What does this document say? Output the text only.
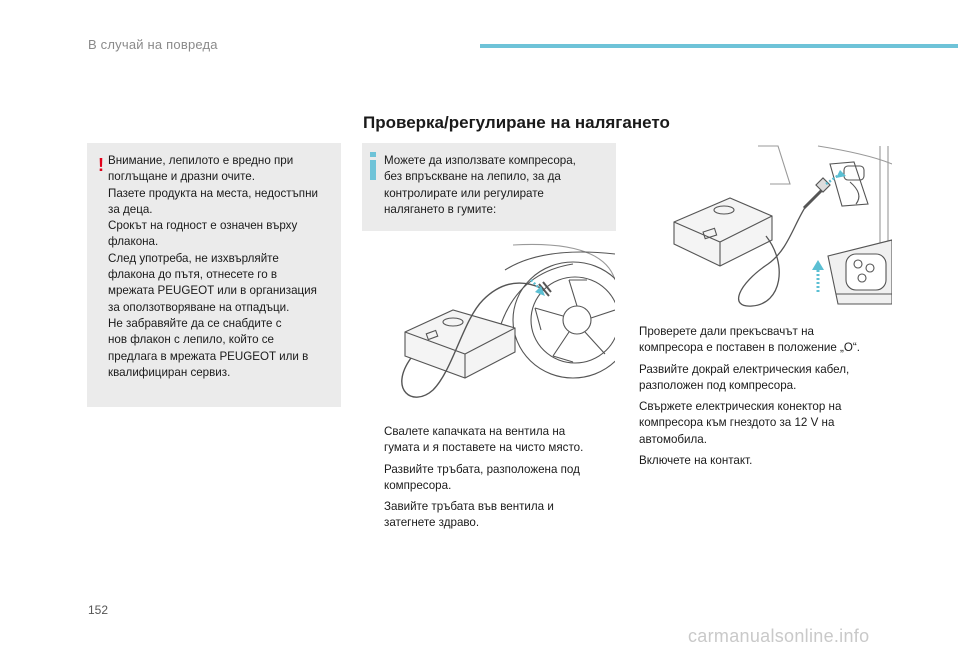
В случай на повреда
Проверка/регулиране на налягането
! Внимание, лепилото е вредно при
поглъщане и дразни очите.
Пазете продукта на места, недостъпни
за деца.
Срокът на годност е означен върху
флакона.
След употреба, не изхвърляйте
флакона до пътя, отнесете го в
мрежата PEUGEOT или в организация
за оползотворяване на отпадъци.
Не забравяйте да се снабдите с
нов флакон с лепило, който се
предлага в мрежата PEUGEOT или в
квалифициран сервиз.
Можете да използвате компресора,
без впръскване на лепило, за да
контролирате или регулирате
налягането в гумите:
Свалете капачката на вентила на
гумата и я поставете на чисто място.
Развийте тръбата, разположена под
компресора.
Завийте тръбата във вентила и
затегнете здраво.
Проверете дали прекъсвачът на
компресора е поставен в положение „O“.
Развийте докрай електрическия кабел,
разположен под компресора.
Свържете електрическия конектор на
компресора към гнездото за 12 V на
автомобила.
Включете на контакт.
152
carmanualsonline.info
